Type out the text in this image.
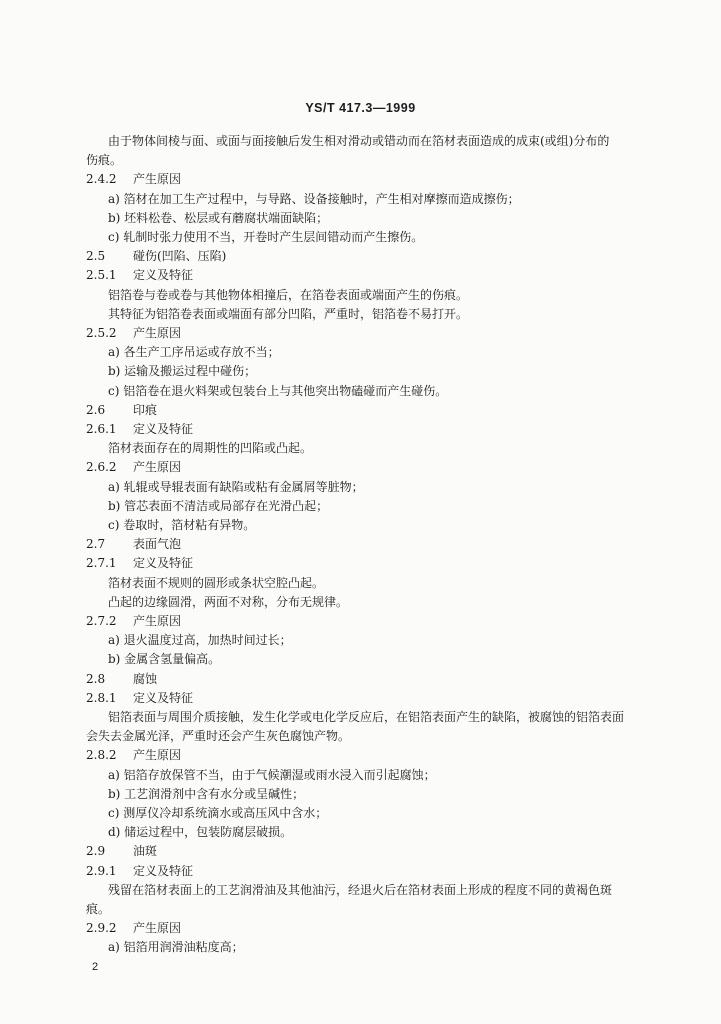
YS/T 417.3—1999
由于物体间棱与面、或面与面接触后发生相对滑动或错动而在箔材表面造成的成束(或组)分布的
伤痕。
2.4.2 产生原因
a) 箔材在加工生产过程中，与导路、设备接触时，产生相对摩擦而造成擦伤；
b) 坯料松卷、松层或有蘑腐状端面缺陷；
c) 轧制时张力使用不当，开卷时产生层间错动而产生擦伤。
2.5 碰伤(凹陷、压陷)
2.5.1 定义及特征
铝箔卷与卷或卷与其他物体相撞后，在箔卷表面或端面产生的伤痕。
其特征为铝箔卷表面或端面有部分凹陷，严重时，铝箔卷不易打开。
2.5.2 产生原因
a) 各生产工序吊运或存放不当；
b) 运输及搬运过程中碰伤；
c) 铝箔卷在退火料架或包装台上与其他突出物磕碰而产生碰伤。
2.6 印痕
2.6.1 定义及特征
箔材表面存在的周期性的凹陷或凸起。
2.6.2 产生原因
a) 轧辊或导辊表面有缺陷或粘有金属屑等脏物；
b) 管芯表面不清洁或局部存在光滑凸起；
c) 卷取时，箔材粘有异物。
2.7 表面气泡
2.7.1 定义及特征
箔材表面不规则的圆形或条状空腔凸起。
凸起的边缘圆滑，两面不对称，分布无规律。
2.7.2 产生原因
a) 退火温度过高，加热时间过长；
b) 金属含氢量偏高。
2.8 腐蚀
2.8.1 定义及特征
铝箔表面与周围介质接触，发生化学或电化学反应后，在铝箔表面产生的缺陷，被腐蚀的铝箔表面
会失去金属光泽，严重时还会产生灰色腐蚀产物。
2.8.2 产生原因
a) 铝箔存放保管不当，由于气候潮湿或雨水浸入而引起腐蚀；
b) 工艺润滑剂中含有水分或呈碱性；
c) 测厚仪冷却系统滴水或高压风中含水；
d) 储运过程中，包装防腐层破损。
2.9 油斑
2.9.1 定义及特征
残留在箔材表面上的工艺润滑油及其他油污，经退火后在箔材表面上形成的程度不同的黄褐色斑
痕。
2.9.2 产生原因
a) 铝箔用润滑油粘度高；
2
